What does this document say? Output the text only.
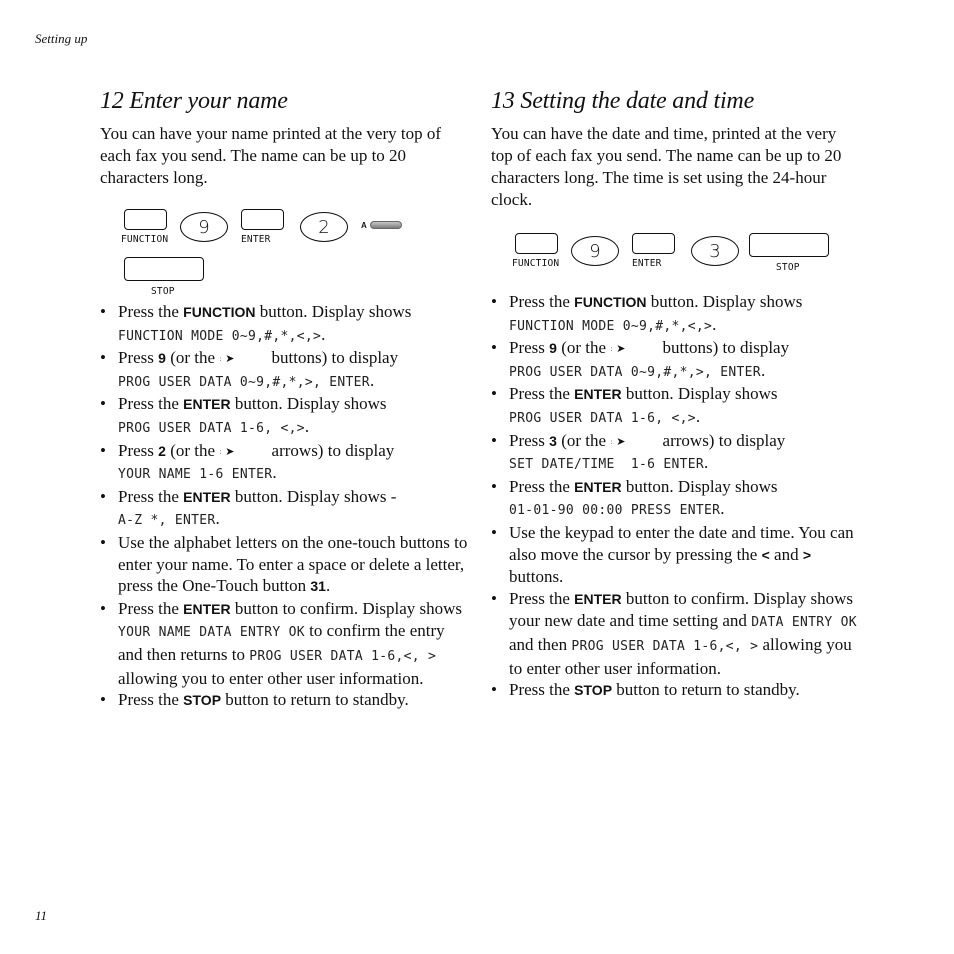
Setting up
12 Enter your name

You can have your name printed at the very top of each fax you send. The name can be up to 20 characters long.

FUNCTION
9
ENTER
2	A
STOP
• Press the FUNCTION button. Display shows
FUNCTION MODE 0~9,#,*,<,>.
• Press 9 (or the : ➤ buttons) to display
PROG USER DATA 0~9,#,*,>, ENTER.
• Press the ENTER button. Display shows
PROG USER DATA 1-6, <,>.
• Press 2 (or the : ➤ arrows) to display
YOUR NAME 1-6 ENTER.
• Press the ENTER button. Display shows -
A-Z *, ENTER.
• Use the alphabet letters on the one-touch buttons to enter your name. To enter a space or delete a letter, press the One-Touch button 31.
• Press the ENTER button to confirm. Display shows YOUR NAME DATA ENTRY OK to confirm the entry and then returns to PROG USER DATA 1-6,<, > allowing you to enter other user information.
• Press the STOP button to return to standby.
13 Setting the date and time

You can have the date and time, printed at the very top of each fax you send. The name can be up to 20 characters long. The time is set using the 24-hour clock.

FUNCTION
9
ENTER
3
STOP
• Press the FUNCTION button. Display shows
FUNCTION MODE 0~9,#,*,<,>.
• Press 9 (or the : ➤ buttons) to display
PROG USER DATA 0~9,#,*,>, ENTER.
• Press the ENTER button. Display shows
PROG USER DATA 1-6, <,>.
• Press 3 (or the : ➤ arrows) to display
SET DATE/TIME  1-6 ENTER.
• Press the ENTER button. Display shows
01-01-90 00:00 PRESS ENTER.
• Use the keypad to enter the date and time. You can also move the cursor by pressing the < and > buttons.
• Press the ENTER button to confirm. Display shows your new date and time setting and DATA ENTRY OK and then PROG USER DATA 1-6,<, > allowing you to enter other user information.
• Press the STOP button to return to standby.
11
